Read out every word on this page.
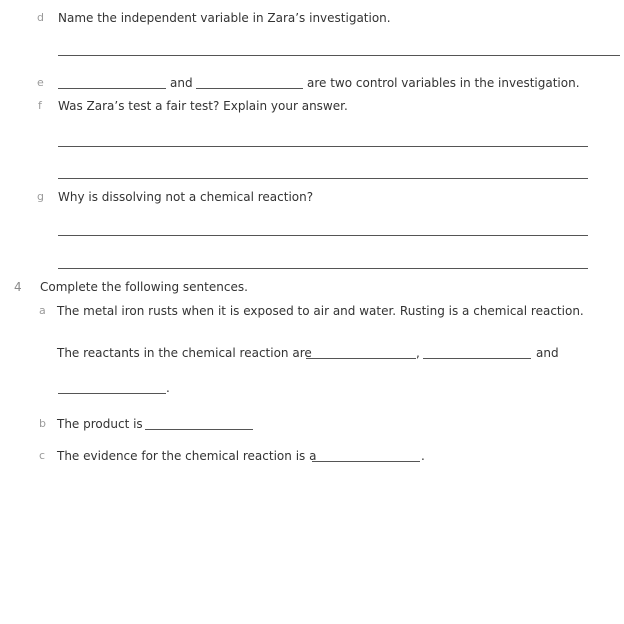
d Name the independent variable in Zara’s investigation.
e	and	are two control variables in the investigation.
f Was Zara’s test a fair test? Explain your answer.
g Why is dissolving not a chemical reaction?
4 Complete the following sentences.
a The metal iron rusts when it is exposed to air and water. Rusting is a chemical reaction.
The reactants in the chemical reaction are	,	and
.
b The product is
c The evidence for the chemical reaction is a	.
